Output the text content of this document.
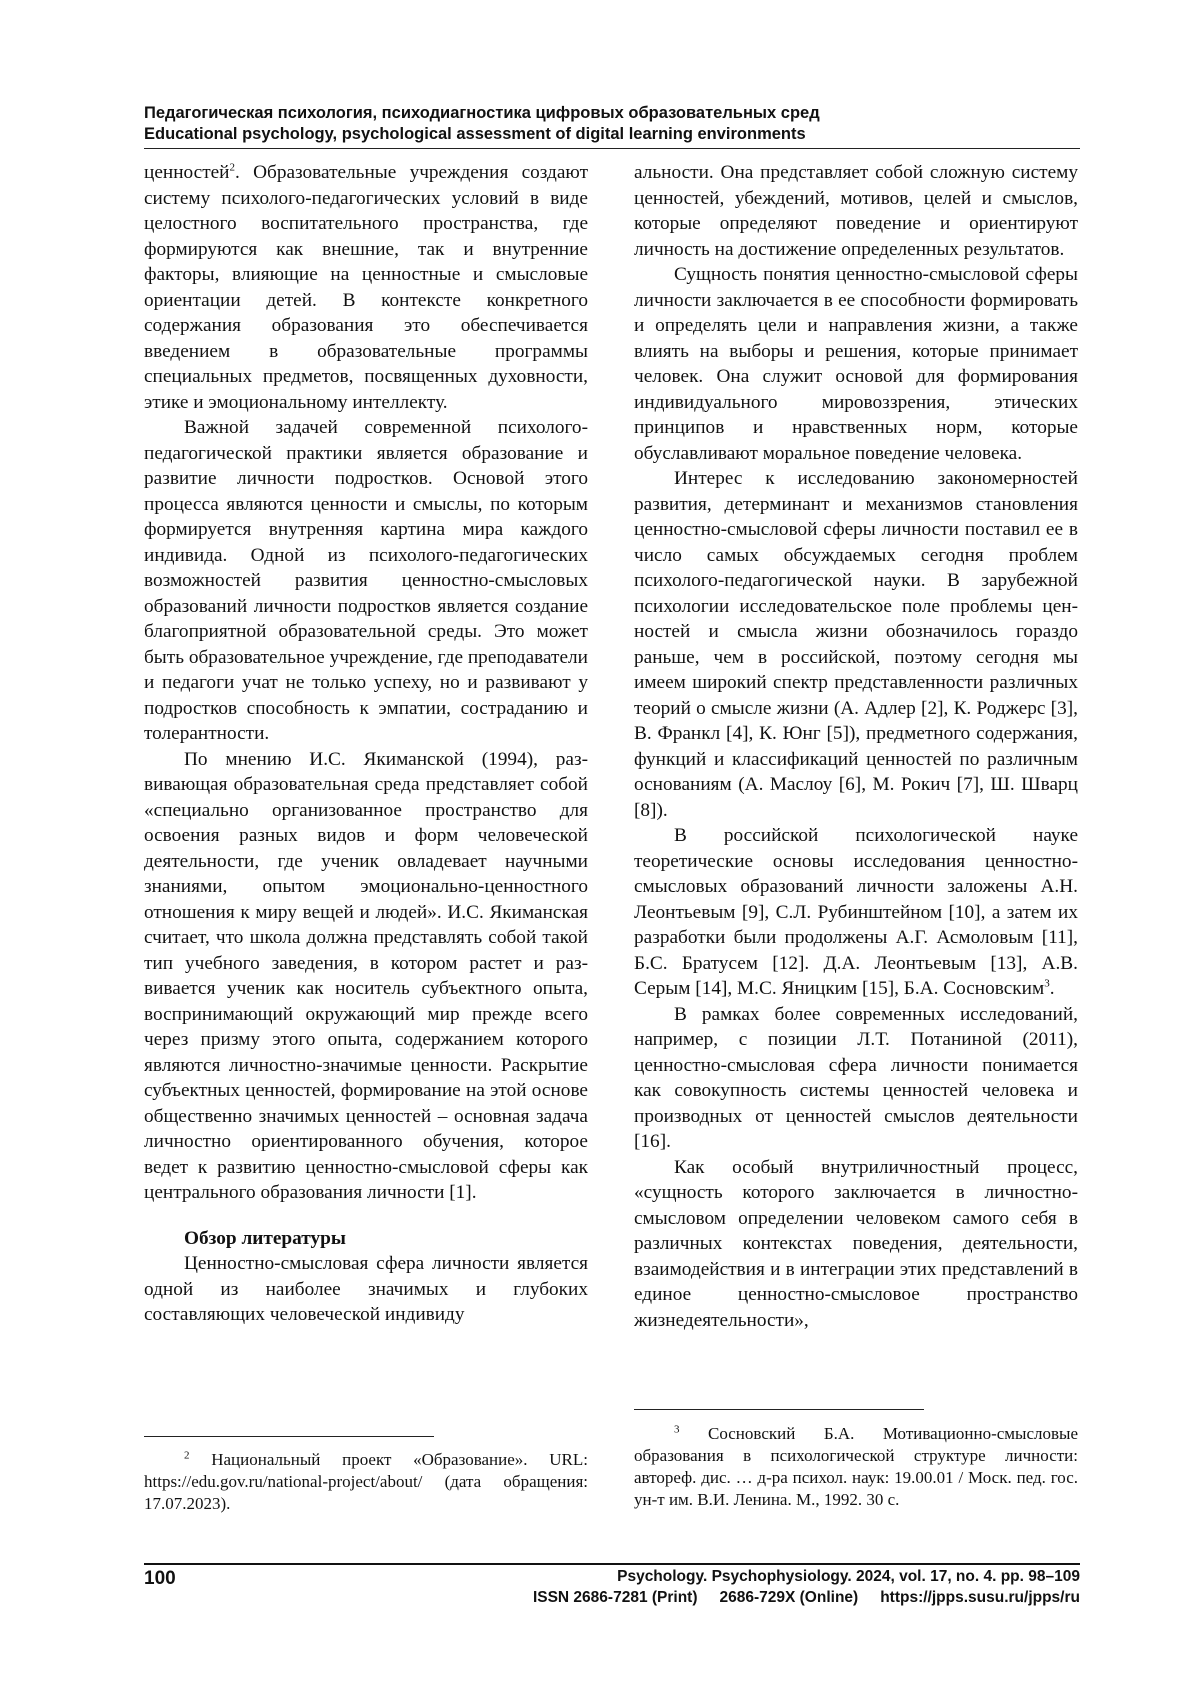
Педагогическая психология, психодиагностика цифровых образовательных сред
Educational psychology, psychological assessment of digital learning environments

ценностей$^2$. Образовательные учреждения создают систему психолого-педагогических условий в виде целостного воспитательного пространства, где формируются как внешние, так и внутренние факторы, влияющие на ценностные и смысловые ориентации детей. В контексте конкретного содержания образования это обеспечивается введением в образовательные программы специальных предметов, посвященных духовности, этике и эмоциональному интеллекту.

Важной задачей современной психолого-педагогической практики является образование и развитие личности подростков. Основой этого процесса являются ценности и смыслы, по которым формируется внутренняя картина мира каждого индивида. Одной из психолого-педагогических возможностей развития ценностно-смысловых образований личности подростков является создание благоприятной образовательной среды. Это может быть образовательное учреждение, где преподаватели и педагоги учат не только успеху, но и развивают у подростков способность к эмпатии, состраданию и толерантности.

По мнению И.С. Якиманской (1994), развивающая образовательная среда представляет собой «специально организованное пространство для освоения разных видов и форм человеческой деятельности, где ученик овладевает научными знаниями, опытом эмоционально-ценностного отношения к миру вещей и людей». И.С. Якиманская считает, что школа должна представлять собой такой тип учебного заведения, в котором растет и развивается ученик как носитель субъектного опыта, воспринимающий окружающий мир прежде всего через призму этого опыта, содержанием которого являются личностно-значимые ценности. Раскрытие субъектных ценностей, формирование на этой основе общественно значимых ценностей – основная задача личностно ориентированного обучения, которое ведет к развитию ценностно-смысловой сферы как центрального образования личности [1].

Обзор литературы

Ценностно-смысловая сфера личности является одной из наиболее значимых и глубоких составляющих человеческой индивиду

альности. Она представляет собой сложную систему ценностей, убеждений, мотивов, целей и смыслов, которые определяют поведение и ориентируют личность на достижение определенных результатов.

Сущность понятия ценностно-смысловой сферы личности заключается в ее способности формировать и определять цели и направления жизни, а также влиять на выборы и решения, которые принимает человек. Она служит основой для формирования индивидуального мировоззрения, этических принципов и нравственных норм, которые обуславливают моральное поведение человека.

Интерес к исследованию закономерностей развития, детерминант и механизмов становления ценностно-смысловой сферы личности поставил ее в число самых обсуждаемых сегодня проблем психолого-педагогической науки. В зарубежной психологии исследовательское поле проблемы ценностей и смысла жизни обозначилось гораздо раньше, чем в российской, поэтому сегодня мы имеем широкий спектр представленности различных теорий о смысле жизни (А. Адлер [2], К. Роджерс [3], В. Франкл [4], К. Юнг [5]), предметного содержания, функций и классификаций ценностей по различным основаниям (А. Маслоу [6], М. Рокич [7], Ш. Шварц [8]).

В российской психологической науке теоретические основы исследования ценностно-смысловых образований личности заложены А.Н. Леонтьевым [9], С.Л. Рубинштейном [10], а затем их разработки были продолжены А.Г. Асмоловым [11], Б.С. Братусем [12]. Д.А. Леонтьевым [13], А.В. Серым [14], М.С. Яницким [15], Б.А. Сосновским$^3$.

В рамках более современных исследований, например, с позиции Л.Т. Потаниной (2011), ценностно-смысловая сфера личности понимается как совокупность системы ценностей человека и производных от ценностей смыслов деятельности [16].

Как особый внутриличностный процесс, «сущность которого заключается в личностно-смысловом определении человеком самого себя в различных контекстах поведения, деятельности, взаимодействия и в интеграции этих представлений в единое ценностно-смысловое пространство жизнедеятельности»,

$^2$ Национальный проект «Образование». URL: https://edu.gov.ru/national-project/about/ (дата обращения: 17.07.2023).

$^3$ Сосновский Б.А. Мотивационно-смысловые образования в психологической структуре личности: автореф. дис. … д-ра психол. наук: 19.00.01 / Моск. пед. гос. ун-т им. В.И. Ленина. М., 1992. 30 с.

100	Psychology. Psychophysiology. 2024, vol. 17, no. 4. pp. 98–109
ISSN 2686-7281 (Print) 2686-729X (Online) https://jpps.susu.ru/jpps/ru
